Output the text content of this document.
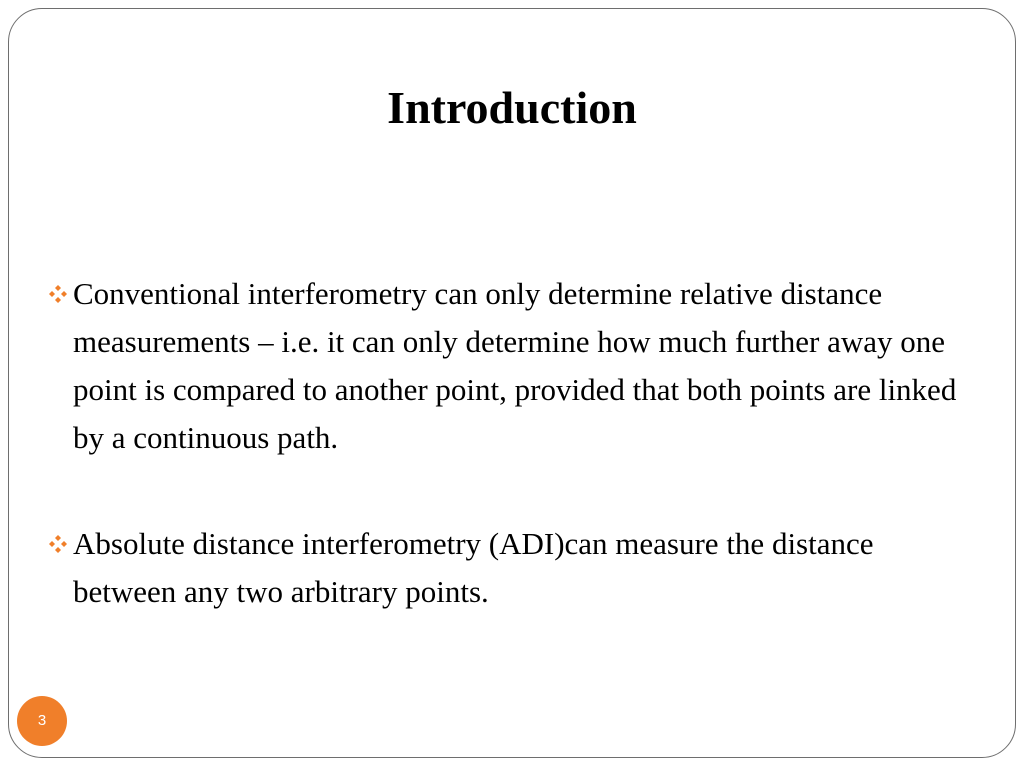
Introduction

Conventional interferometry can only determine relative distance measurements – i.e. it can only determine how much further away one point is compared to another point, provided that both points are linked by a continuous path.

Absolute distance interferometry (ADI)can measure the distance between any two arbitrary points.

3
